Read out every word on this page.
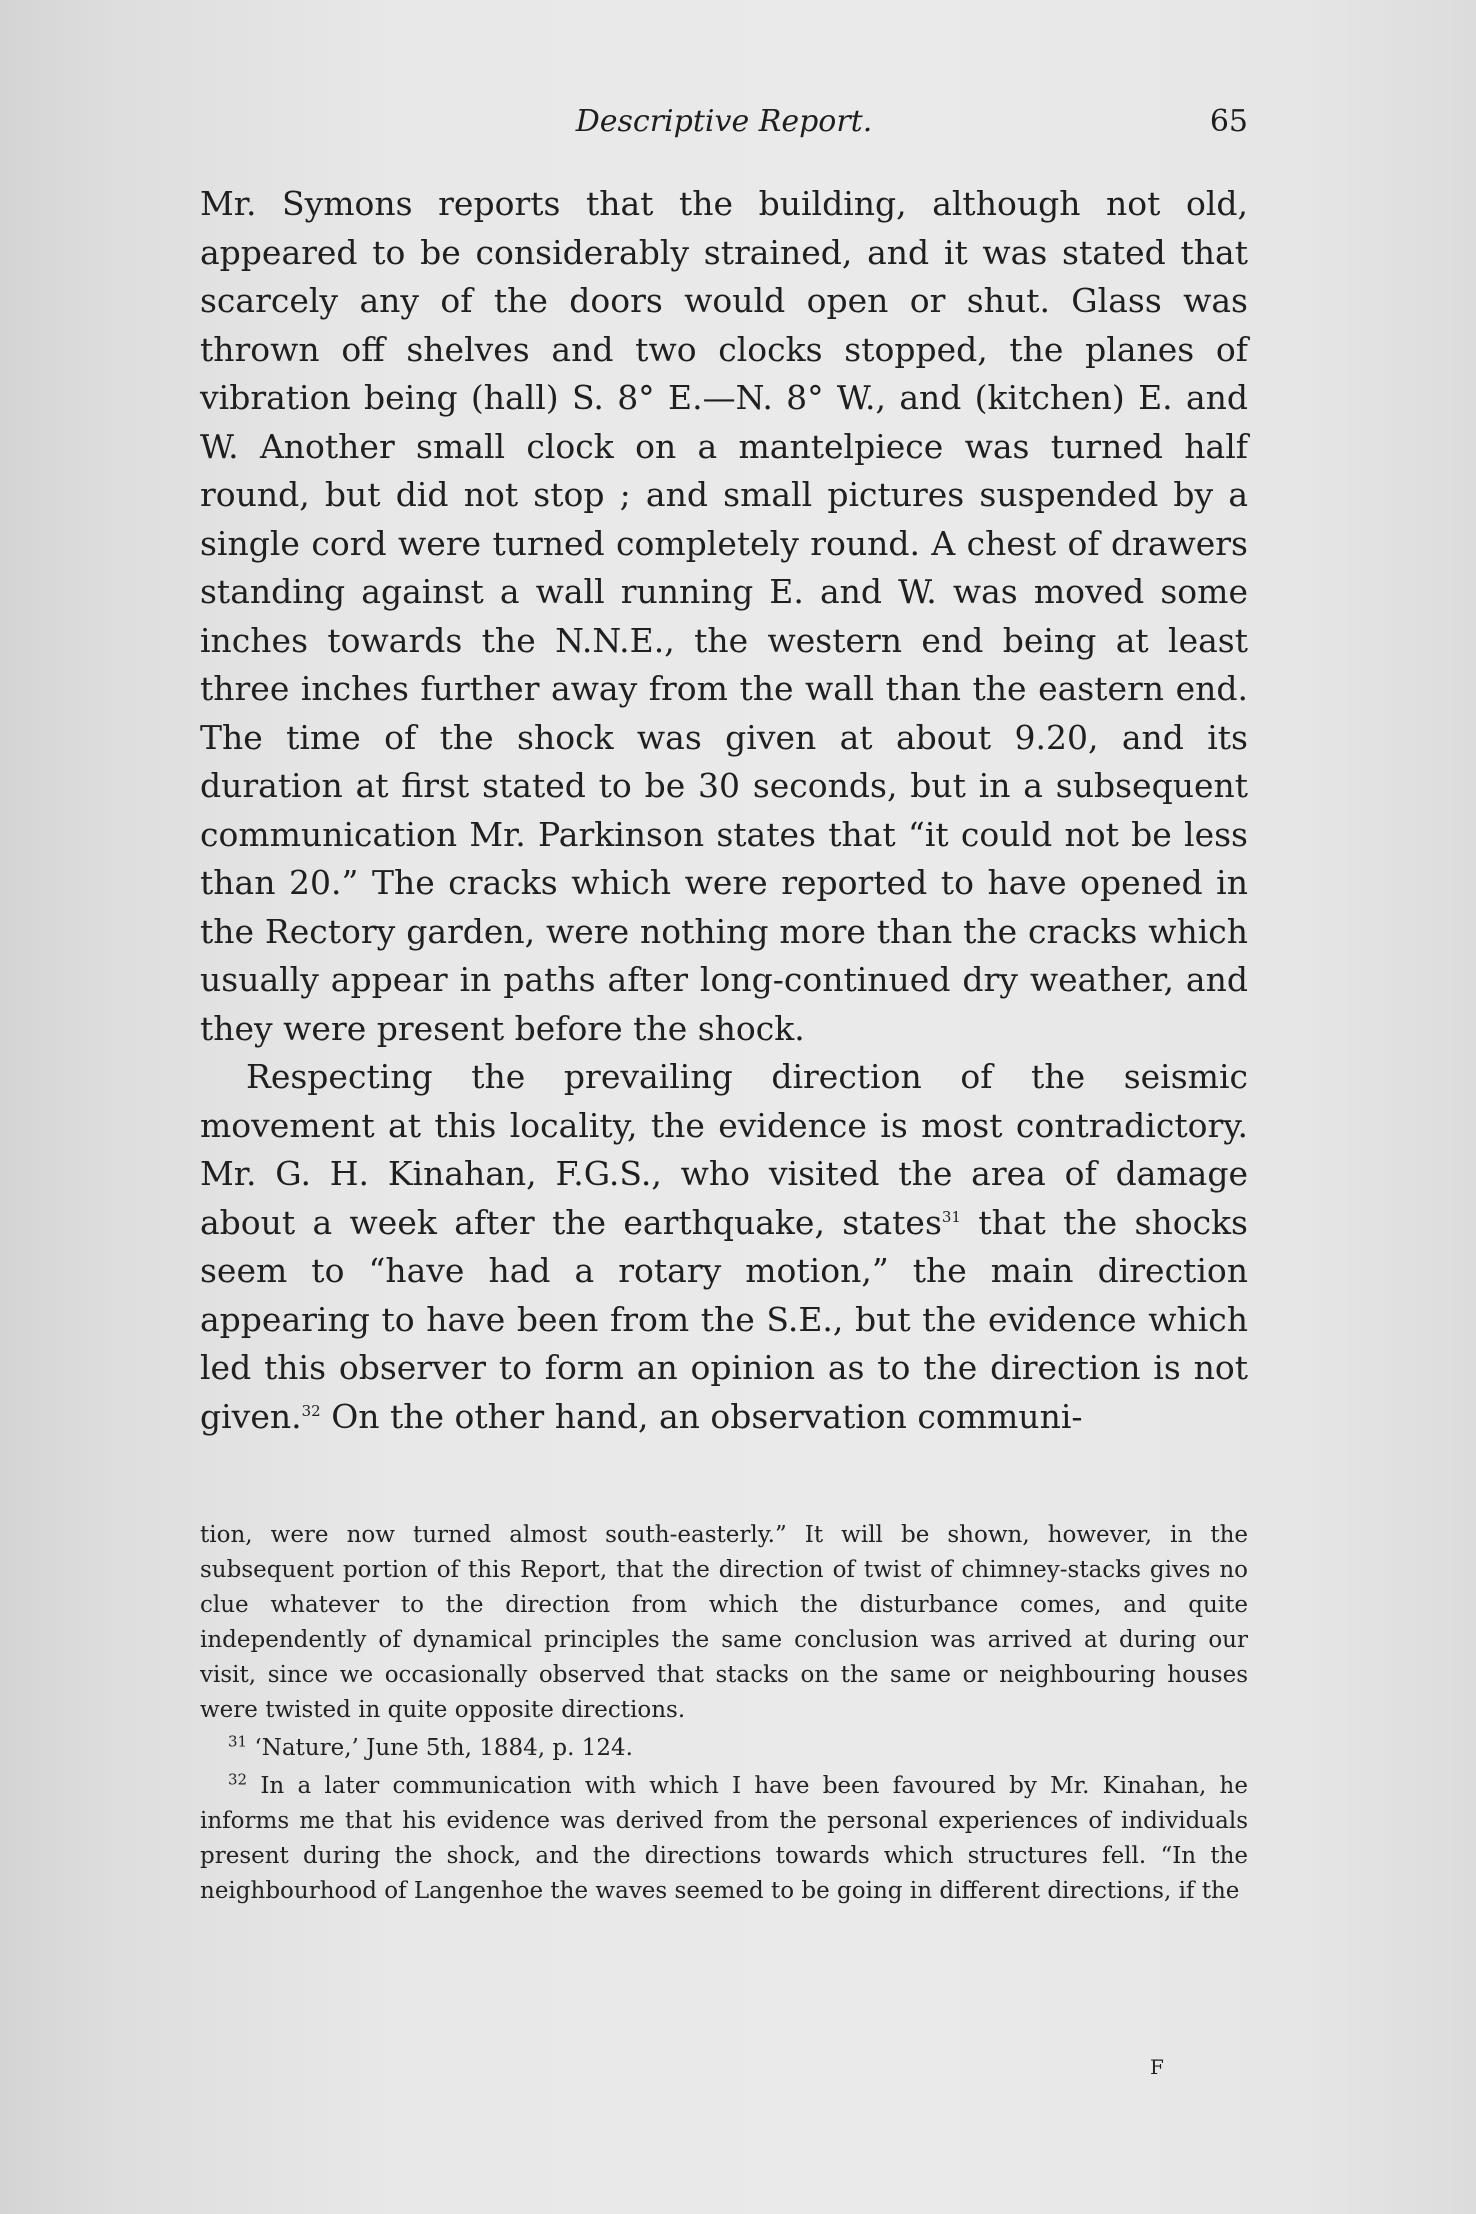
Descriptive Report.	65

Mr. Symons reports that the building, although not old, appeared to be considerably strained, and it was stated that scarcely any of the doors would open or shut. Glass was thrown off shelves and two clocks stopped, the planes of vibration being (hall) S. 8° E.—N. 8° W., and (kitchen) E. and W. Another small clock on a mantelpiece was turned half round, but did not stop ; and small pictures suspended by a single cord were turned completely round. A chest of drawers standing against a wall running E. and W. was moved some inches towards the N.N.E., the western end being at least three inches further away from the wall than the eastern end. The time of the shock was given at about 9.20, and its duration at first stated to be 30 seconds, but in a subsequent communication Mr. Parkinson states that “it could not be less than 20.” The cracks which were reported to have opened in the Rectory garden, were nothing more than the cracks which usually appear in paths after long-continued dry weather, and they were present before the shock.

Respecting the prevailing direction of the seismic movement at this locality, the evidence is most contradictory. Mr. G. H. Kinahan, F.G.S., who visited the area of damage about a week after the earthquake, states$^{31}$ that the shocks seem to “have had a rotary motion,” the main direction appearing to have been from the S.E., but the evidence which led this observer to form an opinion as to the direction is not given.$^{32}$ On the other hand, an observation communi-

tion, were now turned almost south-easterly.” It will be shown, however, in the subsequent portion of this Report, that the direction of twist of chimney-stacks gives no clue whatever to the direction from which the disturbance comes, and quite independently of dynamical principles the same conclusion was arrived at during our visit, since we occasionally observed that stacks on the same or neighbouring houses were twisted in quite opposite directions.

$^{31}$ ‘Nature,’ June 5th, 1884, p. 124.

$^{32}$ In a later communication with which I have been favoured by Mr. Kinahan, he informs me that his evidence was derived from the personal experiences of individuals present during the shock, and the directions towards which structures fell. “In the neighbourhood of Langenhoe the waves seemed to be going in different directions, if the

F
